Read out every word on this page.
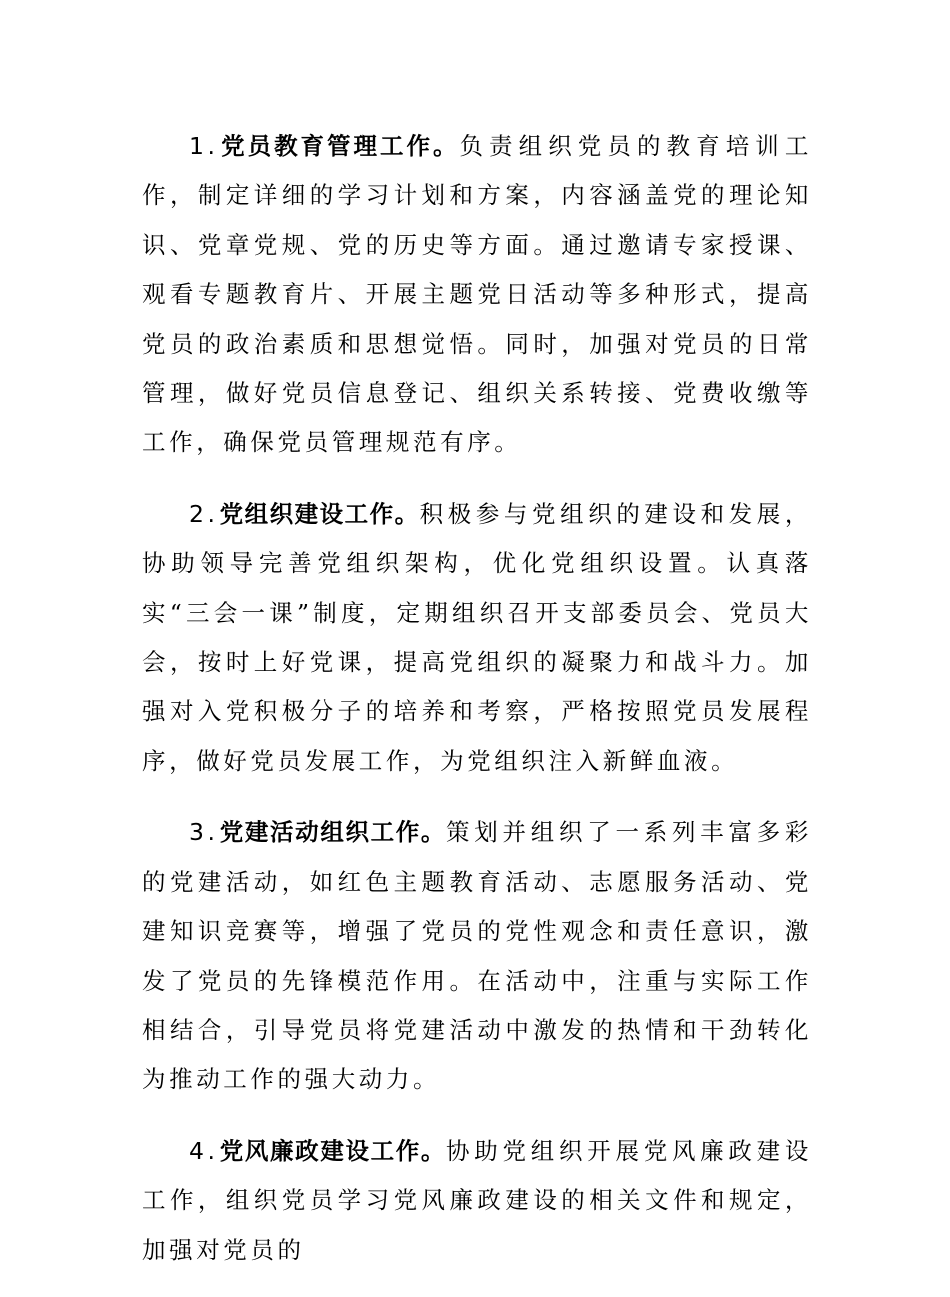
1.党员教育管理工作。负责组织党员的教育培训工作，制定详细的学习计划和方案，内容涵盖党的理论知识、党章党规、党的历史等方面。通过邀请专家授课、观看专题教育片、开展主题党日活动等多种形式，提高党员的政治素质和思想觉悟。同时，加强对党员的日常管理，做好党员信息登记、组织关系转接、党费收缴等工作，确保党员管理规范有序。

2.党组织建设工作。积极参与党组织的建设和发展，协助领导完善党组织架构，优化党组织设置。认真落实“三会一课”制度，定期组织召开支部委员会、党员大会，按时上好党课，提高党组织的凝聚力和战斗力。加强对入党积极分子的培养和考察，严格按照党员发展程序，做好党员发展工作，为党组织注入新鲜血液。

3.党建活动组织工作。策划并组织了一系列丰富多彩的党建活动，如红色主题教育活动、志愿服务活动、党建知识竞赛等，增强了党员的党性观念和责任意识，激发了党员的先锋模范作用。在活动中，注重与实际工作相结合，引导党员将党建活动中激发的热情和干劲转化为推动工作的强大动力。

4.党风廉政建设工作。协助党组织开展党风廉政建设工作，组织党员学习党风廉政建设的相关文件和规定，加强对党员的
